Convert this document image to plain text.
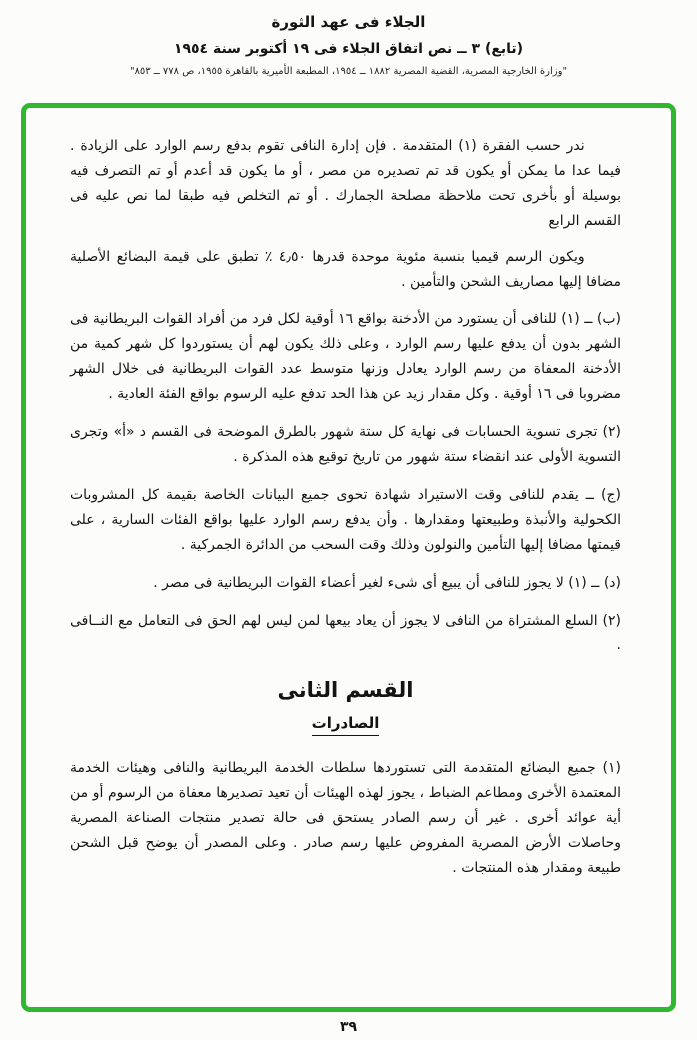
الجلاء فى عهد الثورة
(تابع) ٣ ــ نص اتفاق الجلاء فى ١٩ أكتوبر سنة ١٩٥٤
"وزارة الخارجية المصرية، القضية المصرية ١٨٨٢ ــ ١٩٥٤، المطبعة الأميرية بالقاهرة ١٩٥٥، ص ٧٧٨ ــ ٨٥٣"

ندر حسب الفقرة (١) المتقدمة . فإن إدارة النافى تقوم بدفع رسم الوارد على الزيادة . فيما عدا ما يمكن أو يكون قد تم تصديره من مصر ، أو ما يكون قد أعدم أو تم التصرف فيه بوسيلة أو بأخرى تحت ملاحظة مصلحة الجمارك . أو تم التخلص فيه طبقا لما نص عليه فى القسم الرابع

ويكون الرسم قيميا بنسبة مئوية موحدة قدرها ٤٫٥٠ ٪ تطبق على قيمة البضائع الأصلية مضافا إليها مصاريف الشحن والتأمين .

(ب) ــ (١) للنافى أن يستورد من الأدخنة بواقع ١٦ أوقية لكل فرد من أفراد القوات البريطانية فى الشهر بدون أن يدفع عليها رسم الوارد ، وعلى ذلك يكون لهم أن يستوردوا كل شهر كمية من الأدخنة المعفاة من رسم الوارد يعادل وزنها متوسط عدد القوات البريطانية فى خلال الشهر مضروبا فى ١٦ أوقية . وكل مقدار زيد عن هذا الحد تدفع عليه الرسوم بواقع الفئة العادية .

(٢) تجرى تسوية الحسابات فى نهاية كل ستة شهور بالطرق الموضحة فى القسم د «أ» وتجرى التسوية الأولى عند انقضاء ستة شهور من تاريخ توقيع هذه المذكرة .

(ج) ــ يقدم للنافى وقت الاستيراد شهادة تحوى جميع البيانات الخاصة بقيمة كل المشروبات الكحولية والأنبذة وطبيعتها ومقدارها . وأن يدفع رسم الوارد عليها بواقع الفئات السارية ، على قيمتها مضافا إليها التأمين والنولون وذلك وقت السحب من الدائرة الجمركية .

(د) ــ (١) لا يجوز للنافى أن يبيع أى شىء لغير أعضاء القوات البريطانية فى مصر .

(٢) السلع المشتراة من النافى لا يجوز أن يعاد بيعها لمن ليس لهم الحق فى التعامل مع النــافى .

القسم الثانى
الصادرات

(١) جميع البضائع المتقدمة التى تستوردها سلطات الخدمة البريطانية والنافى وهيئات الخدمة المعتمدة الأخرى ومطاعم الضباط ، يجوز لهذه الهيئات أن تعيد تصديرها معفاة من الرسوم أو من أية عوائد أخرى . غير أن رسم الصادر يستحق فى حالة تصدير منتجات الصناعة المصرية وحاصلات الأرض المصرية المفروض عليها رسم صادر . وعلى المصدر أن يوضح قبل الشحن طبيعة ومقدار هذه المنتجات .

٣٩
